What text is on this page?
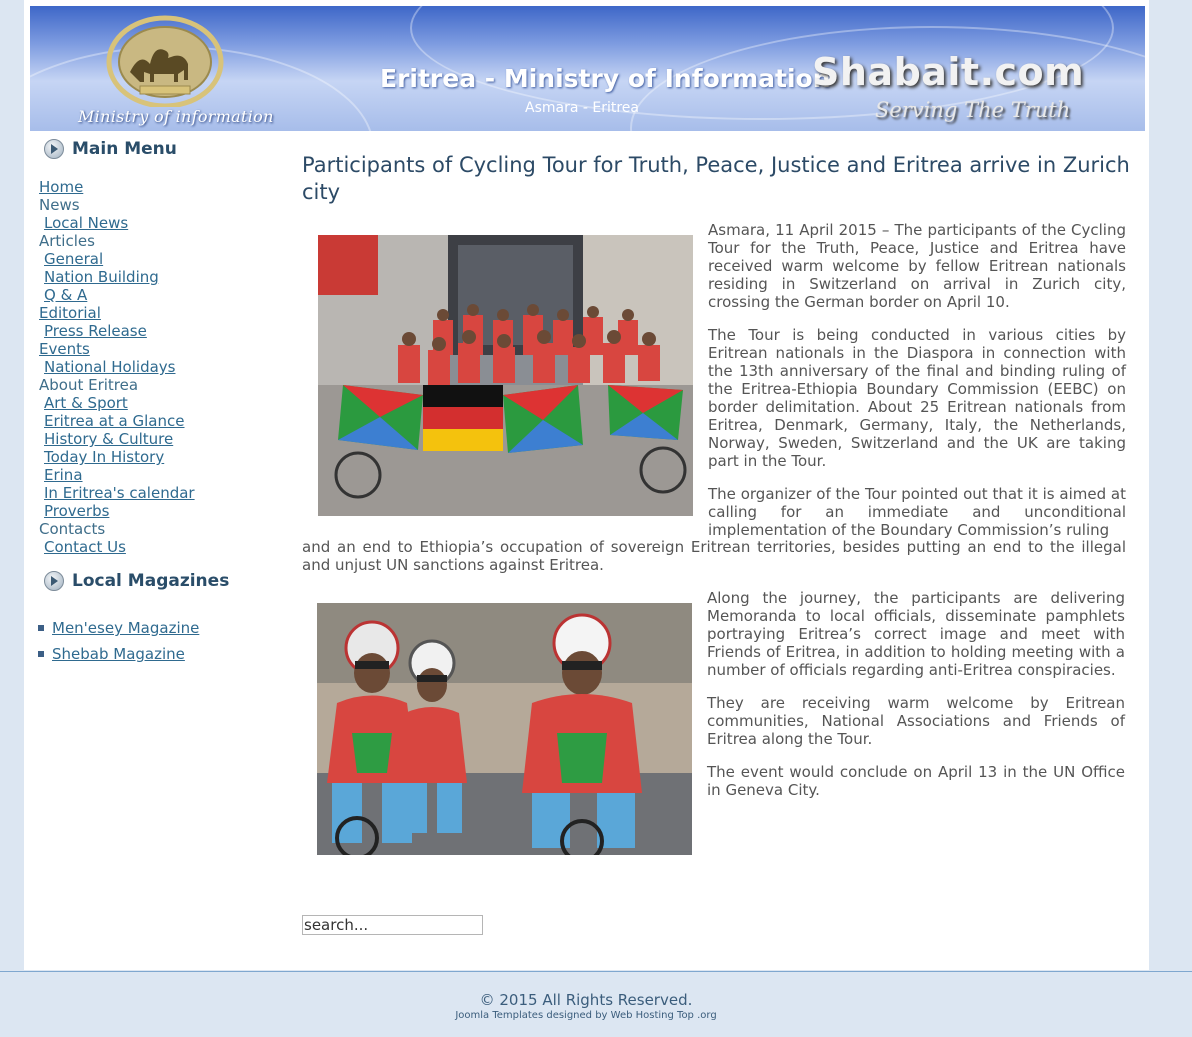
Ministry of information
Eritrea - Ministry of Information
Asmara - Eritrea
Shabait.com
Serving The Truth
Main Menu
Home
News
Local News
Articles
General
Nation Building
Q & A
Editorial
Press Release
Events
National Holidays
About Eritrea
Art & Sport
Eritrea at a Glance
History & Culture
Today In History
Erina
In Eritrea's calendar
Proverbs
Contacts
Contact Us
Local Magazines
Men'esey Magazine
Shebab Magazine
Participants of Cycling Tour for Truth, Peace, Justice and Eritrea arrive in Zurich city
Asmara, 11 April 2015 – The participants of the Cycling Tour for the Truth, Peace, Justice and Eritrea have received warm welcome by fellow Eritrean nationals residing in Switzerland on arrival in Zurich city, crossing the German border on April 10.
The Tour is being conducted in various cities by Eritrean nationals in the Diaspora in connection with the 13th anniversary of the final and binding ruling of the Eritrea-Ethiopia Boundary Commission (EEBC) on border delimitation. About 25 Eritrean nationals from Eritrea, Denmark, Germany, Italy, the Netherlands, Norway, Sweden, Switzerland and the UK are taking part in the Tour.
The organizer of the Tour pointed out that it is aimed at calling for an immediate and unconditional implementation of the Boundary Commission’s ruling
and an end to Ethiopia’s occupation of sovereign Eritrean territories, besides putting an end to the illegal and unjust UN sanctions against Eritrea.
Along the journey, the participants are delivering Memoranda to local officials, disseminate pamphlets portraying Eritrea’s correct image and meet with Friends of Eritrea, in addition to holding meeting with a number of officials regarding anti-Eritrea conspiracies.
They are receiving warm welcome by Eritrean communities, National Associations and Friends of Eritrea along the Tour.
The event would conclude on April 13 in the UN Office in Geneva City.
search...
© 2015 All Rights Reserved.
Joomla Templates designed by Web Hosting Top .org
